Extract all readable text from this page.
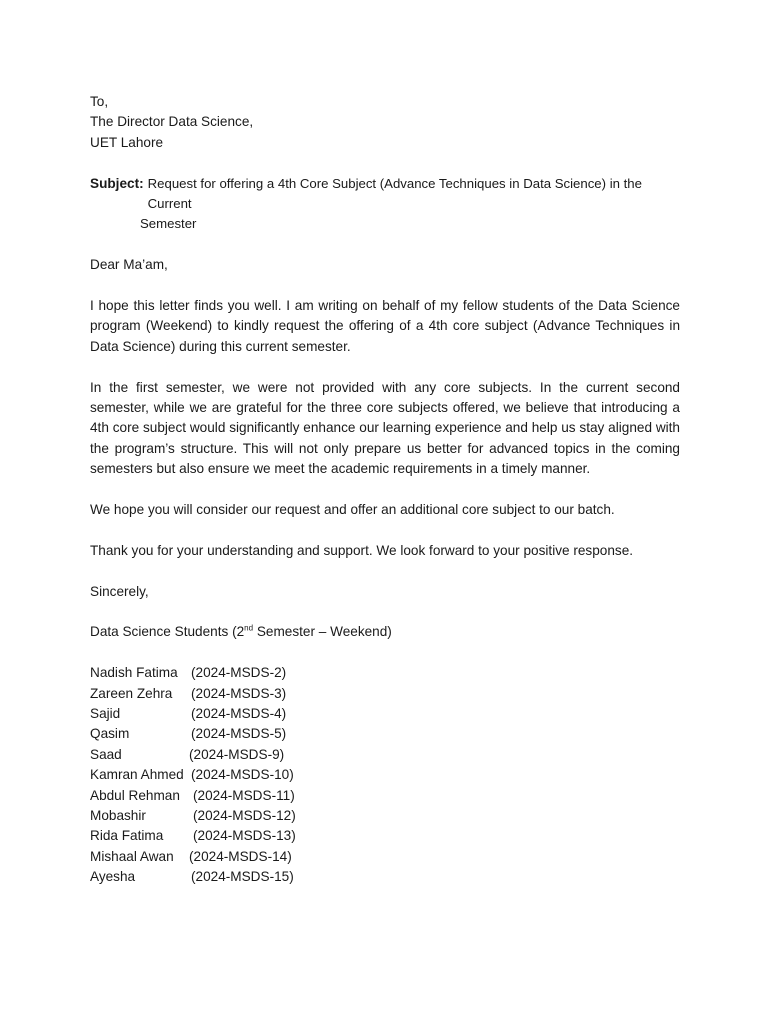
To,
The Director Data Science,
UET Lahore
Subject: Request for offering a 4th Core Subject (Advance Techniques in Data Science) in the Current
Semester
Dear Ma’am,

I hope this letter finds you well. I am writing on behalf of my fellow students of the Data Science program (Weekend) to kindly request the offering of a 4th core subject (Advance Techniques in Data Science) during this current semester.

In the first semester, we were not provided with any core subjects. In the current second semester, while we are grateful for the three core subjects offered, we believe that introducing a 4th core subject would significantly enhance our learning experience and help us stay aligned with the program’s structure. This will not only prepare us better for advanced topics in the coming semesters but also ensure we meet the academic requirements in a timely manner.

We hope you will consider our request and offer an additional core subject to our batch.

Thank you for your understanding and support. We look forward to your positive response.

Sincerely,
Data Science Students (2nd Semester – Weekend)
Nadish Fatima (2024-MSDS-2)
Zareen Zehra	(2024-MSDS-3)
Sajid	(2024-MSDS-4)
Qasim	(2024-MSDS-5)
Saad	(2024-MSDS-9)
Kamran Ahmed (2024-MSDS-10)
Abdul Rehman (2024-MSDS-11)
Mobashir	(2024-MSDS-12)
Rida Fatima	(2024-MSDS-13)
Mishaal Awan	(2024-MSDS-14)
Ayesha	(2024-MSDS-15)
